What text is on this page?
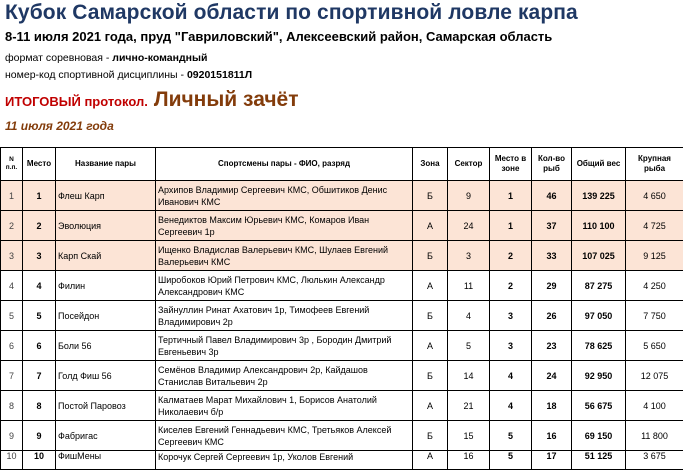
Кубок Самарской области по спортивной ловле карпа
8-11 июля 2021 года, пруд "Гавриловский", Алексеевский район, Самарская область
формат соревновая - лично-командный
номер-код спортивной дисциплины - 0920151811Л
ИТОГОВЫЙ протокол. Личный зачёт
11 июля 2021 года
N п.п.	Место	Название пары	Спортсмены пары - ФИО, разряд	Зона	Сектор	Место в зоне	Кол-во рыб	Общий вес	Крупная рыба
1	1	Флеш Карп	Архипов Владимир Сергеевич КМС, Обшитиков Денис Иванович КМС	Б	9	1	46	139 225	4 650
2	2	Эволюция	Венедиктов Максим Юрьевич КМС, Комаров Иван Сергеевич 1р	А	24	1	37	110 100	4 725
3	3	Карп Скай	Ищенко Владислав Валерьевич КМС, Шулаев Евгений Валерьевич КМС	Б	3	2	33	107 025	9 125
4	4	Филин	Широбоков Юрий Петрович КМС, Люлькин Александр Александрович КМС	А	11	2	29	87 275	4 250
5	5	Посейдон	Зайнуллин Ринат Ахатович 1р, Тимофеев Евгений Владимирович 2р	Б	4	3	26	97 050	7 750
6	6	Боли 56	Тертичный Павел Владимирович 3р , Бородин Дмитрий Евгеньевич 3р	А	5	3	23	78 625	5 650
7	7	Голд Фиш 56	Семёнов Владимир Александрович 2р, Кайдашов Станислав Витальевич 2р	Б	14	4	24	92 950	12 075
8	8	Постой Паровоз	Калматаев Марат Михайлович 1, Борисов Анатолий Николаевич б/р	А	21	4	18	56 675	4 100
9	9	Фабригас	Киселев Евгений Геннадьевич КМС, Третьяков Алексей Сергеевич КМС	Б	15	5	16	69 150	11 800
10	10	ФишМены	Корочук Сергей Сергеевич 1р, Уколов Евгений	А	16	5	17	51 125	3 675
